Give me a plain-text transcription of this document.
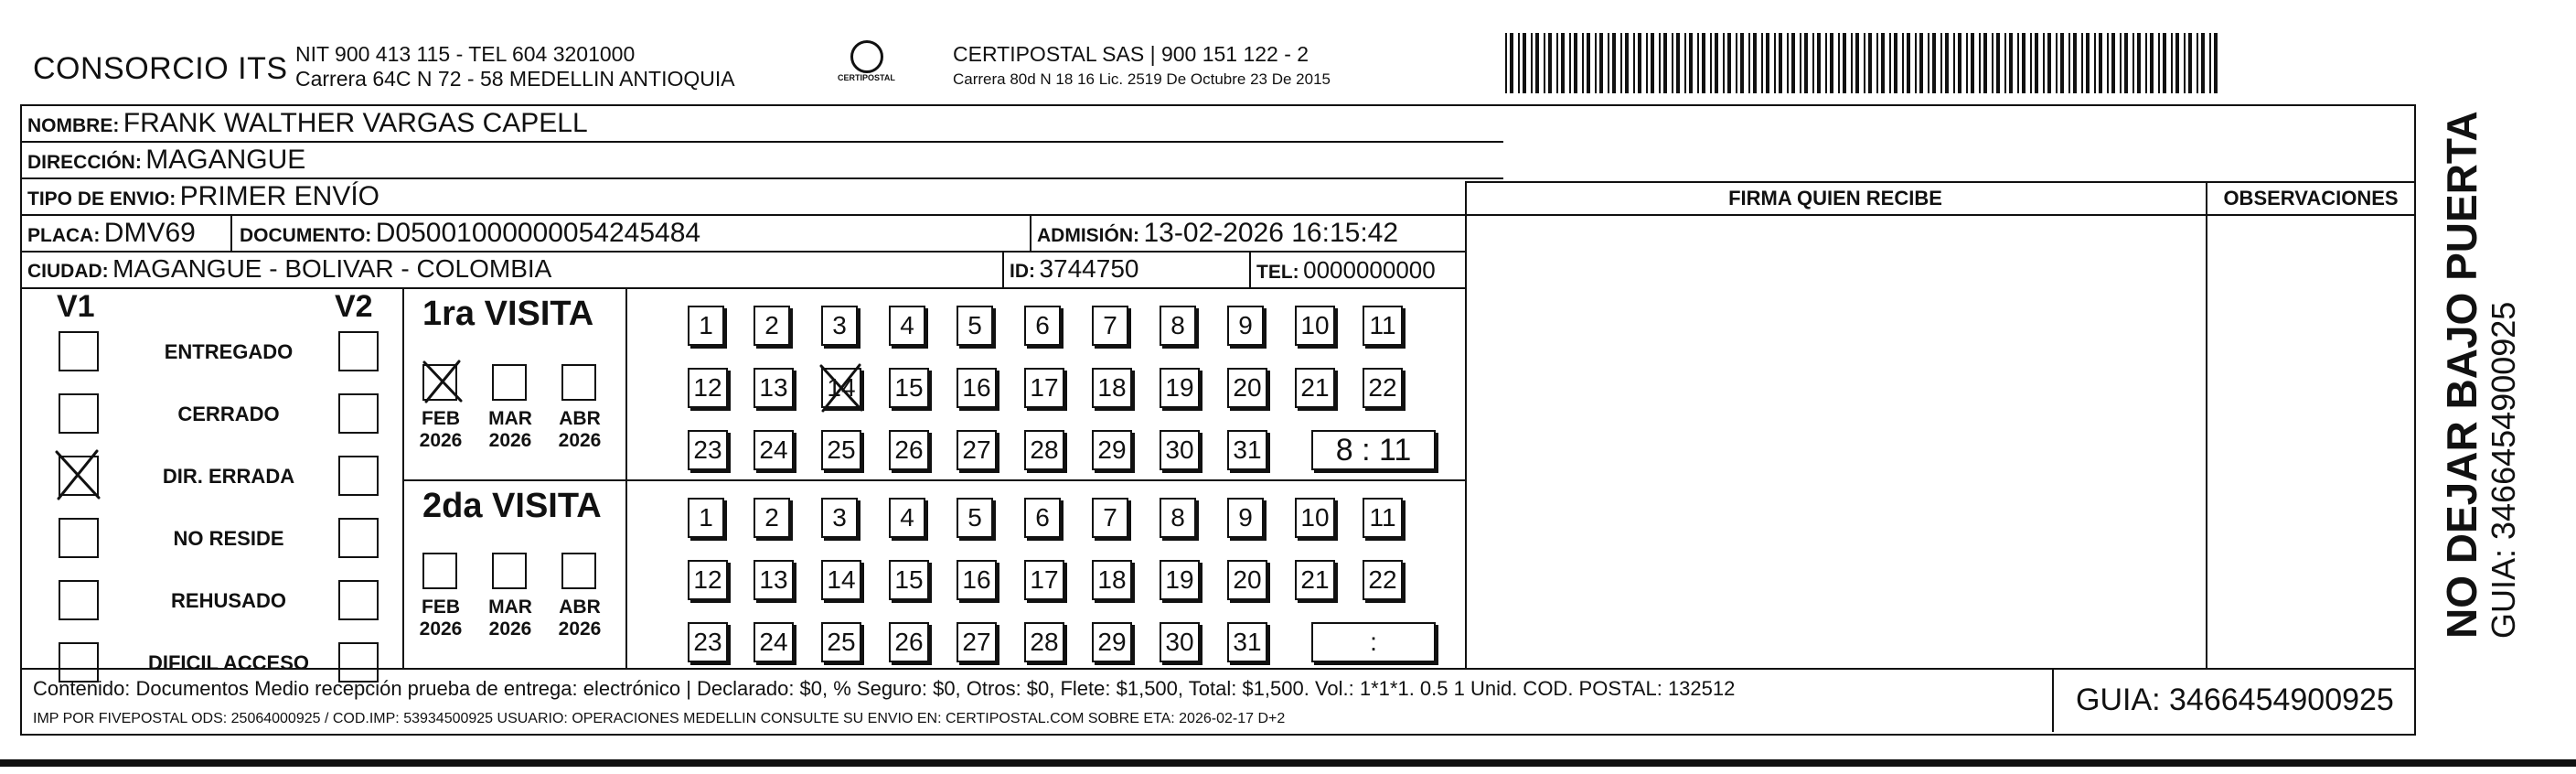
CONSORCIO ITS NIT 900 413 115 - TEL 604 3201000
Carrera 64C N 72 - 58 MEDELLIN ANTIOQUIA	CERTIPOSTAL
CERTIPOSTAL SAS | 900 151 122 - 2
Carrera 80d N 18 16 Lic. 2519 De Octubre 23 De 2015
NOMBRE: FRANK WALTHER VARGAS CAPELL
DIRECCIÓN: MAGANGUE
TIPO DE ENVIO: PRIMER ENVÍO
PLACA: DMV69 DOCUMENTO: D05001000000054245484	ADMISIÓN: 13-02-2026 16:15:42
CIUDAD: MAGANGUE - BOLIVAR - COLOMBIA	ID: 3744750	TEL: 0000000000
FIRMA QUIEN RECIBE	OBSERVACIONES
V1	V2 1ra VISITA
2da VISITA
Contenido: Documentos Medio recepción prueba de entrega: electrónico | Declarado: $0, % Seguro: $0, Otros: $0, Flete: $1,500, Total: $1,500. Vol.: 1*1*1. 0.5 1 Unid. COD. POSTAL: 132512
IMP POR FIVEPOSTAL ODS: 25064000925 / COD.IMP: 53934500925 USUARIO: OPERACIONES MEDELLIN CONSULTE SU ENVIO EN: CERTIPOSTAL.COM SOBRE ETA: 2026-02-17 D+2
GUIA: 3466454900925
NO DEJAR BAJO PUERTA GUIA: 3466454900925
ENTREGADO
CERRADO
DIR. ERRADA
NO RESIDE
REHUSADO
DIFICIL ACCESO
FEB
2026
MAR
2026
ABR
2026
FEB
2026
MAR
2026
ABR
2026
1	2	3	4	5	6	7	8	9	10 11
12 13 14 15 16 17 18 19 20 21 22
23 24 25 26 27 28 29 30 31	8 : 11
1	2	3	4	5	6	7	8	9	10 11
12 13 14 15 16 17 18 19 20 21 22
23 24 25 26 27 28 29 30 31	:
